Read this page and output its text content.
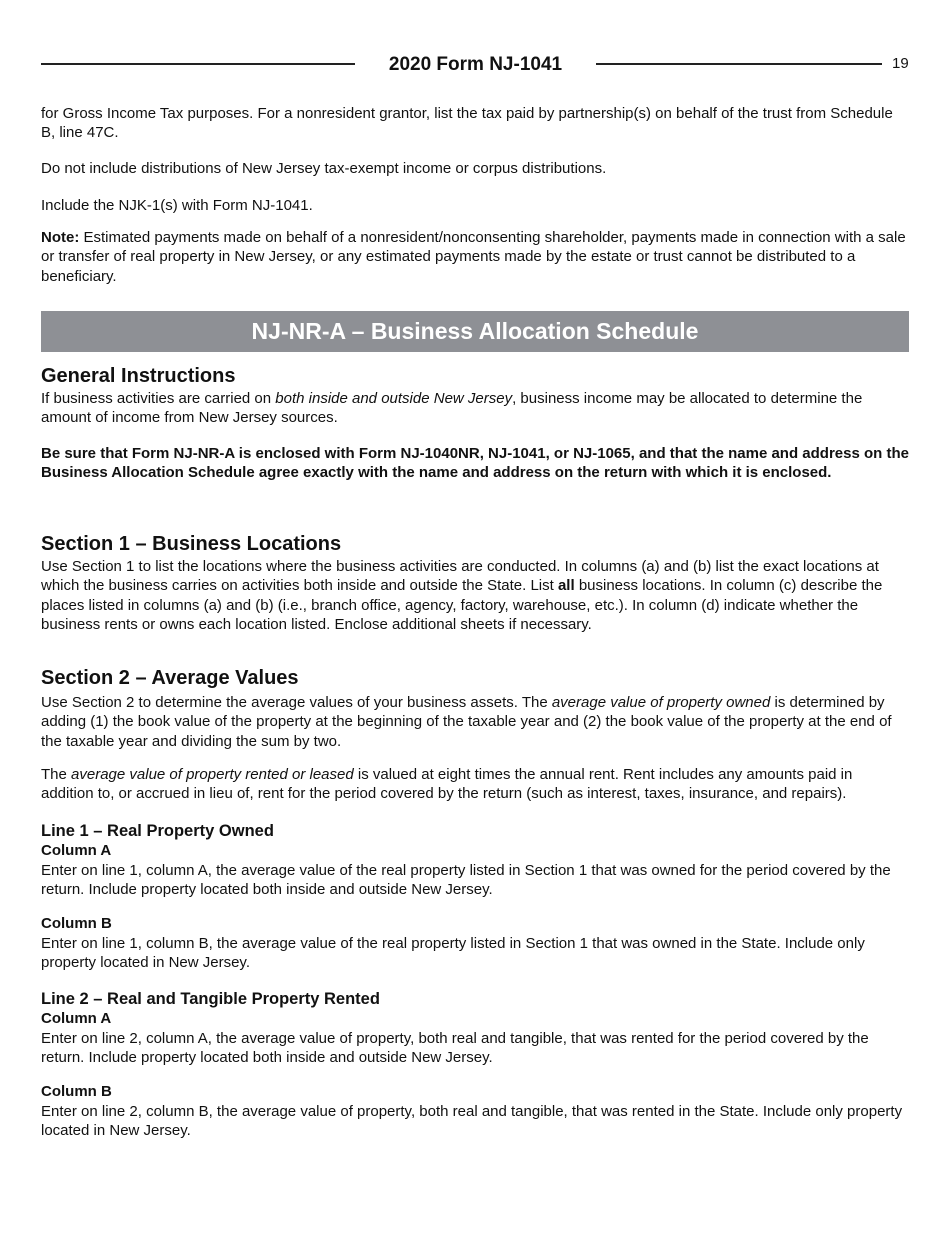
2020 Form NJ-1041	19

for Gross Income Tax purposes. For a nonresident grantor, list the tax paid by partnership(s) on behalf of the trust from Schedule B, line 47C.

Do not include distributions of New Jersey tax-exempt income or corpus distributions.

Include the NJK-1(s) with Form NJ-1041.

Note: Estimated payments made on behalf of a nonresident/nonconsenting shareholder, payments made in connection with a sale or transfer of real property in New Jersey, or any estimated payments made by the estate or trust cannot be distributed to a beneficiary.

NJ-NR-A – Business Allocation Schedule
General Instructions

If business activities are carried on both inside and outside New Jersey, business income may be allocated to determine the amount of income from New Jersey sources.

Be sure that Form NJ-NR-A is enclosed with Form NJ-1040NR, NJ-1041, or NJ-1065, and that the name and address on the Business Allocation Schedule agree exactly with the name and address on the return with which it is enclosed.

Section 1 – Business Locations

Use Section 1 to list the locations where the business activities are conducted. In columns (a) and (b) list the exact locations at which the business carries on activities both inside and outside the State. List all business locations. In column (c) describe the places listed in columns (a) and (b) (i.e., branch office, agency, factory, warehouse, etc.). In column (d) indicate whether the business rents or owns each location listed. Enclose additional sheets if necessary.

Section 2 – Average Values

Use Section 2 to determine the average values of your business assets. The average value of property owned is determined by adding (1) the book value of the property at the beginning of the taxable year and (2) the book value of the property at the end of the taxable year and dividing the sum by two.

The average value of property rented or leased is valued at eight times the annual rent. Rent includes any amounts paid in addition to, or accrued in lieu of, rent for the period covered by the return (such as interest, taxes, insurance, and repairs).

Line 1 – Real Property Owned
Column A

Enter on line 1, column A, the average value of the real property listed in Section 1 that was owned for the period covered by the return. Include property located both inside and outside New Jersey.

Column B

Enter on line 1, column B, the average value of the real property listed in Section 1 that was owned in the State. Include only property located in New Jersey.

Line 2 – Real and Tangible Property Rented
Column A

Enter on line 2, column A, the average value of property, both real and tangible, that was rented for the period covered by the return. Include property located both inside and outside New Jersey.

Column B

Enter on line 2, column B, the average value of property, both real and tangible, that was rented in the State. Include only property located in New Jersey.
